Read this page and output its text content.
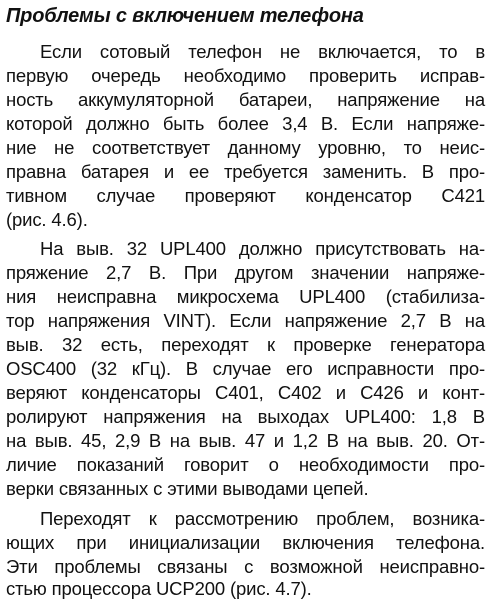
Проблемы с включением телефона
Если сотовый телефон не включается, то в
первую очередь необходимо проверить исправ-
ность аккумуляторной батареи, напряжение на
которой должно быть более 3,4 В. Если напряже-
ние не соответствует данному уровню, то неис-
правна батарея и ее требуется заменить. В про-
тивном случае проверяют конденсатор С421
(рис. 4.6).
На выв. 32 UPL400 должно присутствовать на-
пряжение 2,7 В. При другом значении напряже-
ния неисправна микросхема UPL400 (стабилиза-
тор напряжения VINT). Если напряжение 2,7 В на
выв. 32 есть, переходят к проверке генератора
OSC400 (32 кГц). В случае его исправности про-
веряют конденсаторы С401, С402 и С426 и конт-
ролируют напряжения на выходах UPL400: 1,8 В
на выв. 45, 2,9 В на выв. 47 и 1,2 В на выв. 20. От-
личие показаний говорит о необходимости про-
верки связанных с этими выводами цепей.
Переходят к рассмотрению проблем, возника-
ющих при инициализации включения телефона.
Эти проблемы связаны с возможной неисправно-
стью процессора UCP200 (рис. 4.7).
